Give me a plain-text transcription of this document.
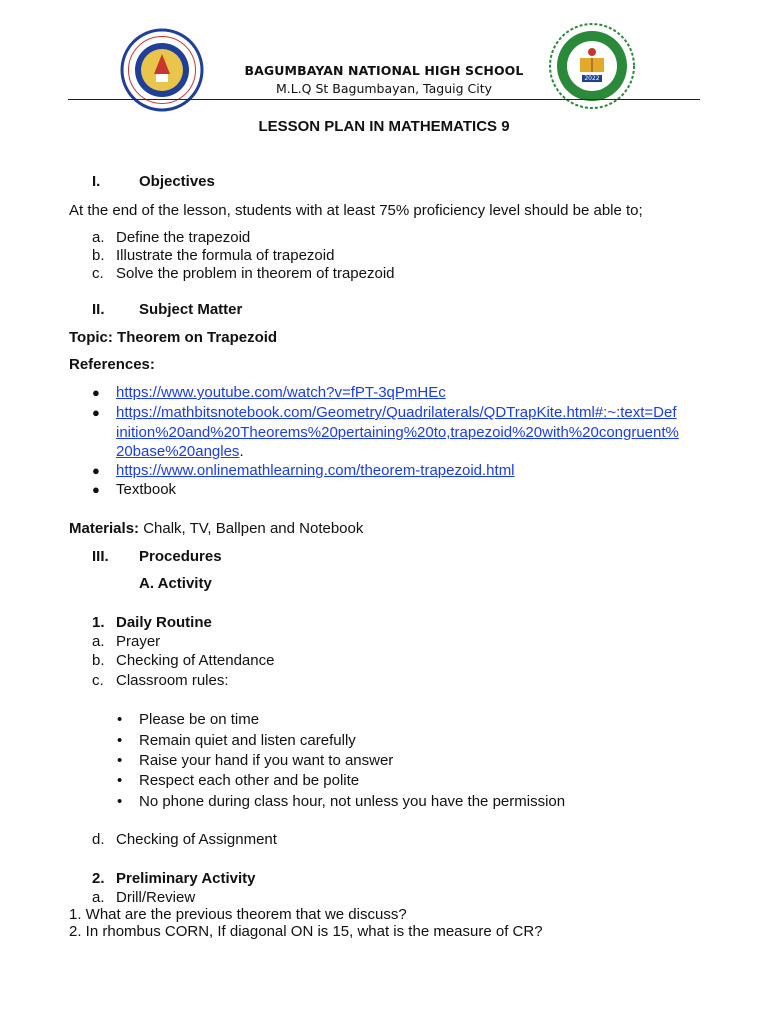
2022
BAGUMBAYAN NATIONAL HIGH SCHOOL
M.L.Q St Bagumbayan, Taguig City
LESSON PLAN IN MATHEMATICS 9
I.	Objectives
At the end of the lesson, students with at least 75% proficiency level should be able to;
a. Define the trapezoid
b. Illustrate the formula of trapezoid
c. Solve the problem in theorem of trapezoid
II. Subject Matter
Topic: Theorem on Trapezoid
References:
● https://www.youtube.com/watch?v=fPT-3qPmHEc
● https://mathbitsnotebook.com/Geometry/Quadrilaterals/QDTrapKite.html#:~:text=Def
inition%20and%20Theorems%20pertaining%20to,trapezoid%20with%20congruent%
20base%20angles.
● https://www.onlinemathlearning.com/theorem-trapezoid.html
● Textbook
Materials: Chalk, TV, Ballpen and Notebook
III. Procedures
A. Activity
1. Daily Routine
a. Prayer
b. Checking of Attendance
c. Classroom rules:
• Please be on time
• Remain quiet and listen carefully
• Raise your hand if you want to answer
• Respect each other and be polite
• No phone during class hour, not unless you have the permission
d. Checking of Assignment
2. Preliminary Activity
a. Drill/Review
1. What are the previous theorem that we discuss?
2. In rhombus CORN, If diagonal ON is 15, what is the measure of CR?
